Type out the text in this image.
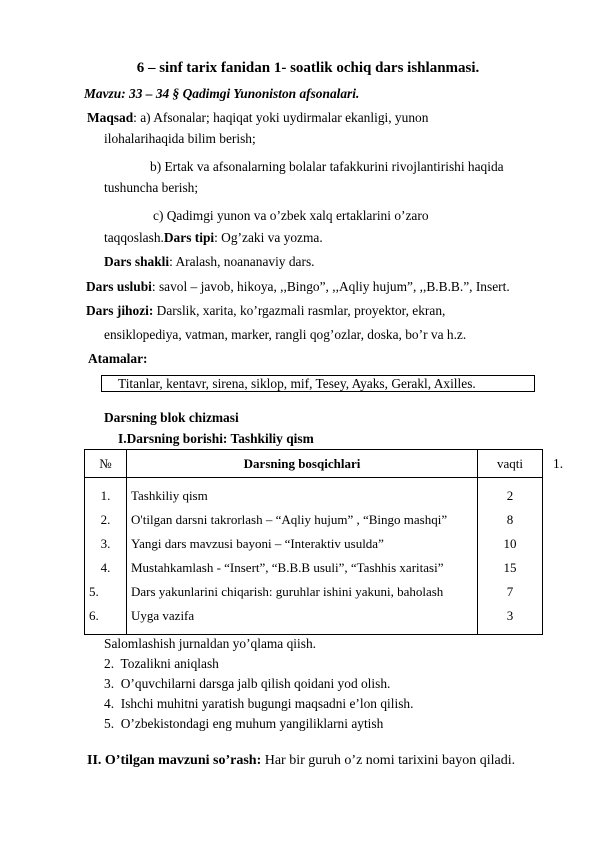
6 – sinf tarix fanidan 1- soatlik ochiq dars ishlanmasi.
Mavzu: 33 – 34 § Qadimgi Yunoniston afsonalari.
Maqsad: a) Afsonalar; haqiqat yoki uydirmalar ekanligi, yunon
ilohalarihaqida bilim berish;
b) Ertak va afsonalarning bolalar tafakkurini rivojlantirishi haqida
tushuncha berish;
c) Qadimgi yunon va o’zbek xalq ertaklarini o’zaro
taqqoslash.Dars tipi: Og’zaki va yozma.
Dars shakli: Aralash, noananaviy dars.
Dars uslubi: savol – javob, hikoya, ,,Bingo”, ,,Aqliy hujum”, ,,B.B.B.”, Insert.
Dars jihozi: Darslik, xarita, ko’rgazmali rasmlar, proyektor, ekran,
ensiklopediya, vatman, marker, rangli qog’ozlar, doska, bo’r va h.z.
Atamalar:
Titanlar, kentavr, sirena, siklop, mif, Tesey, Ayaks, Gerakl, Axilles.
Darsning blok chizmasi
I.Darsning borishi: Tashkiliy qism
1.
№	Darsning bosqichlari	vaqti
1.	Tashkiliy qism	2
2.	O'tilgan darsni takrorlash – “Aqliy hujum” , “Bingo mashqi”	8
3.	Yangi dars mavzusi bayoni – “Interaktiv usulda”	10
4.	Mustahkamlash - “Insert”, “B.B.B usuli”, “Tashhis xaritasi”	15
5.	Dars yakunlarini chiqarish: guruhlar ishini yakuni, baholash	7
6.	Uyga vazifa	3
Salomlashish jurnaldan yo’qlama qiish.
2. Tozalikni aniqlash
3. O’quvchilarni darsga jalb qilish qoidani yod olish.
4. Ishchi muhitni yaratish bugungi maqsadni e’lon qilish.
5. O’zbekistondagi eng muhum yangiliklarni aytish
II. O’tilgan mavzuni so’rash: Har bir guruh o’z nomi tarixini bayon qiladi.
